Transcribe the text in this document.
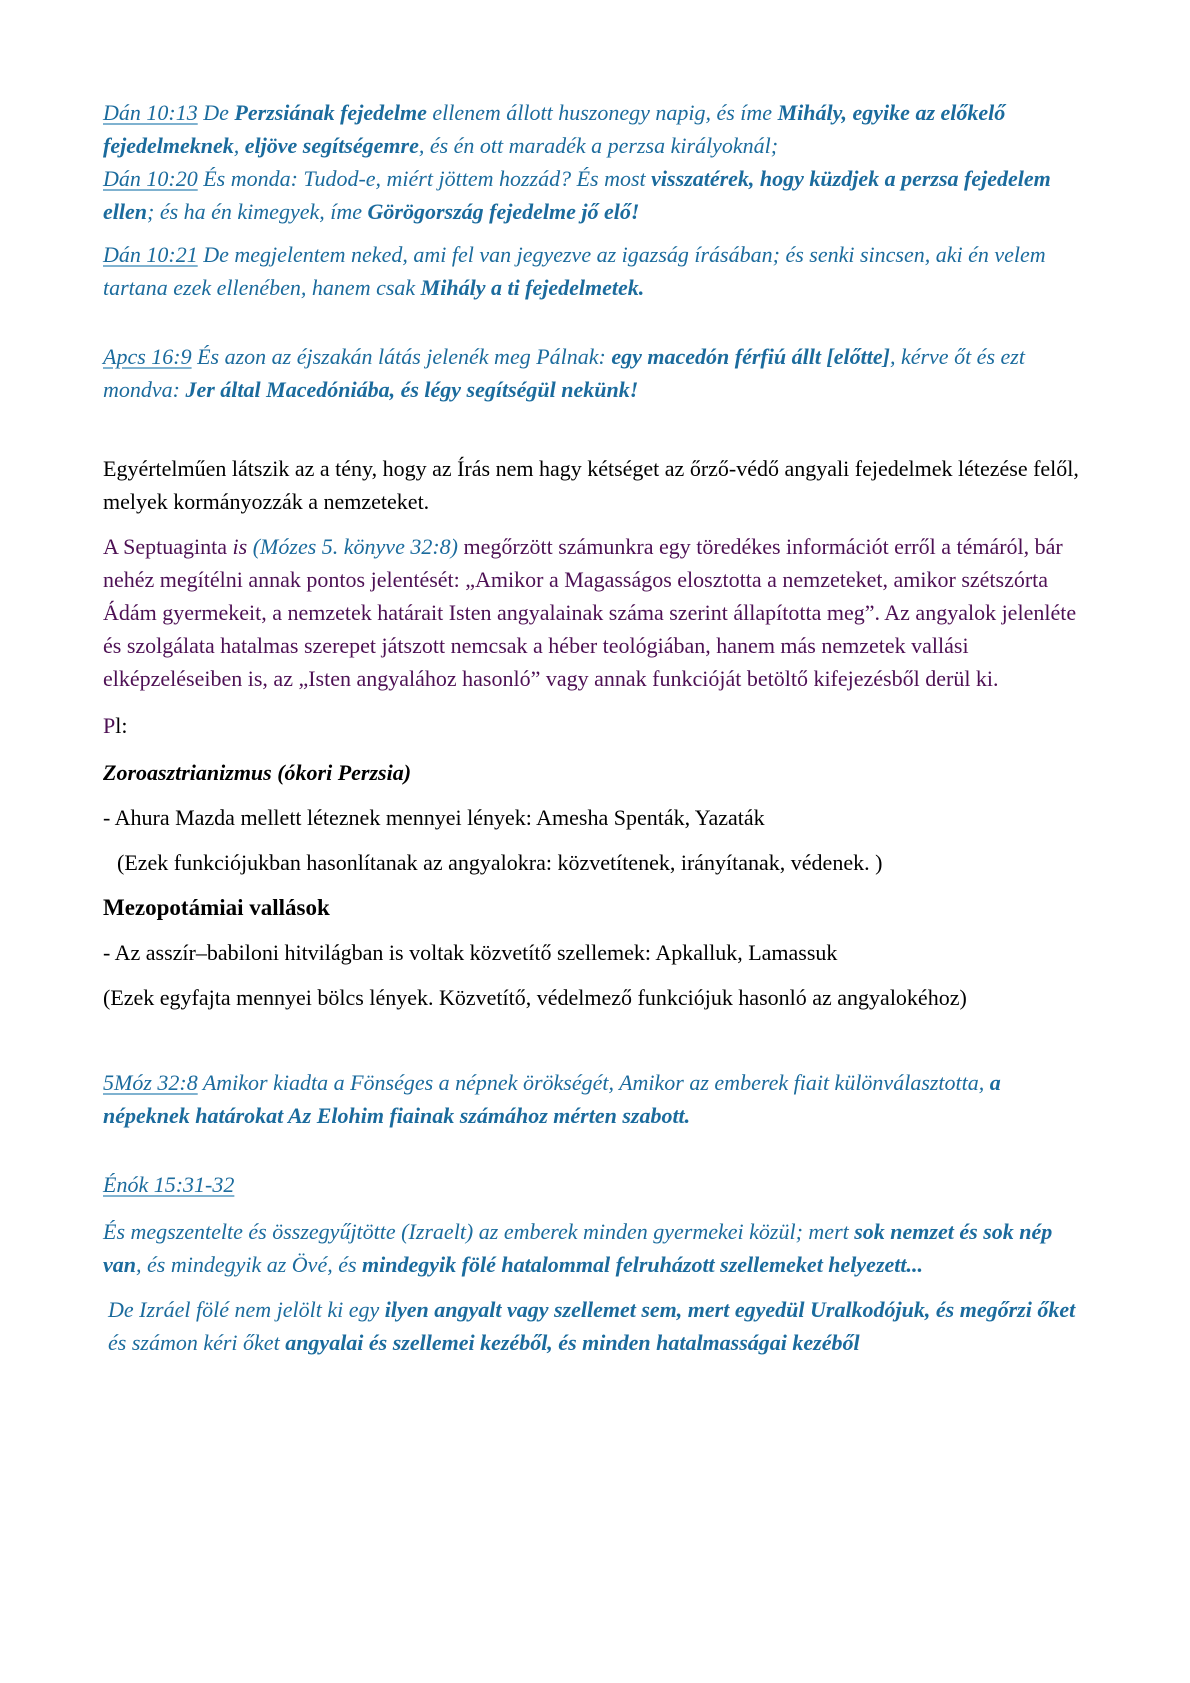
Dán 10:13 De Perzsiának fejedelme ellenem állott huszonegy napig, és íme Mihály, egyike az előkelő fejedelmeknek, eljöve segítségemre, és én ott maradék a perzsa királyoknál;
Dán 10:20 És monda: Tudod-e, miért jöttem hozzád? És most visszatérek, hogy küzdjek a perzsa fejedelem ellen; és ha én kimegyek, íme Görögország fejedelme jő elő!

Dán 10:21 De megjelentem neked, ami fel van jegyezve az igazság írásában; és senki sincsen, aki én velem tartana ezek ellenében, hanem csak Mihály a ti fejedelmetek.

Apcs 16:9 És azon az éjszakán látás jelenék meg Pálnak: egy macedón férfiú állt [előtte], kérve őt és ezt mondva: Jer által Macedóniába, és légy segítségül nekünk!

Egyértelműen látszik az a tény, hogy az Írás nem hagy kétséget az őrző-védő angyali fejedelmek létezése felől, melyek kormányozzák a nemzeteket.

A Septuaginta is (Mózes 5. könyve 32:8) megőrzött számunkra egy töredékes információt erről a témáról, bár nehéz megítélni annak pontos jelentését: „Amikor a Magasságos elosztotta a nemzeteket, amikor szétszórta Ádám gyermekeit, a nemzetek határait Isten angyalainak száma szerint állapította meg”. Az angyalok jelenléte és szolgálata hatalmas szerepet játszott nemcsak a héber teológiában, hanem más nemzetek vallási elképzeléseiben is, az „Isten angyalához hasonló” vagy annak funkcióját betöltő kifejezésből derül ki.

Pl:

Zoroasztrianizmus (ókori Perzsia)

- Ahura Mazda mellett léteznek mennyei lények: Amesha Spenták, Yazaták

(Ezek funkciójukban hasonlítanak az angyalokra: közvetítenek, irányítanak, védenek. )

Mezopotámiai vallások

- Az asszír–babiloni hitvilágban is voltak közvetítő szellemek: Apkalluk, Lamassuk

(Ezek egyfajta mennyei bölcs lények. Közvetítő, védelmező funkciójuk hasonló az angyalokéhoz)

5Móz 32:8 Amikor kiadta a Fönséges a népnek örökségét, Amikor az emberek fiait különválasztotta, a népeknek határokat Az Elohim fiainak számához mérten szabott.

Énók 15:31-32

És megszentelte és összegyűjtötte (Izraelt) az emberek minden gyermekei közül; mert sok nemzet és sok nép van, és mindegyik az Övé, és mindegyik fölé hatalommal felruházott szellemeket helyezett...

De Izráel fölé nem jelölt ki egy ilyen angyalt vagy szellemet sem, mert egyedül Uralkodójuk, és megőrzi őket és számon kéri őket angyalai és szellemei kezéből, és minden hatalmasságai kezéből
